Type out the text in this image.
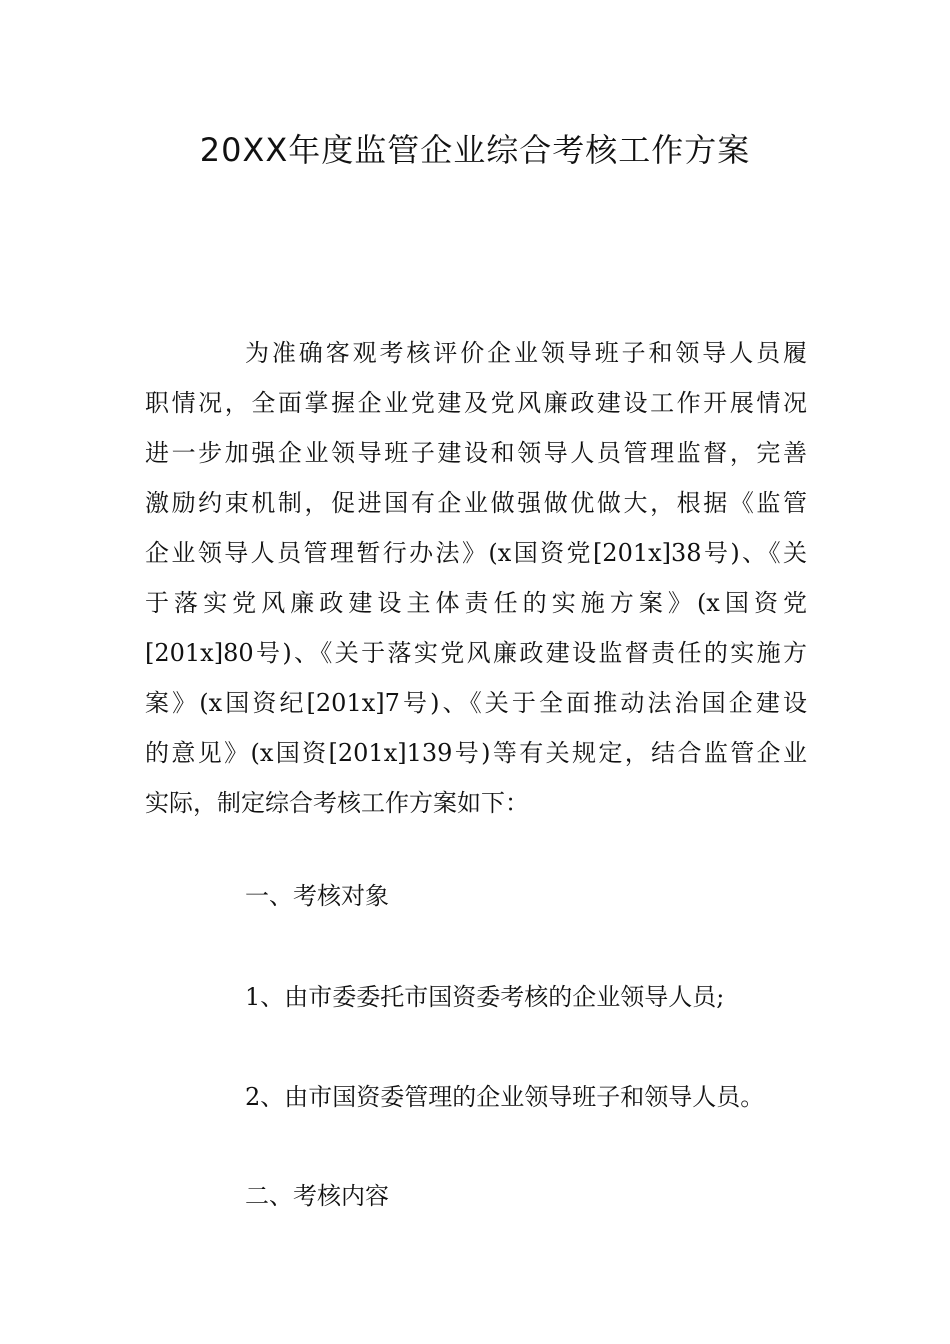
20XX年度监管企业综合考核工作方案
为准确客观考核评价企业领导班子和领导人员履
职情况，全面掌握企业党建及党风廉政建设工作开展情况
进一步加强企业领导班子建设和领导人员管理监督，完善
激励约束机制，促进国有企业做强做优做大，根据《监管
企业领导人员管理暂行办法》(x国资党[201x]38号)、《关
于落实党风廉政建设主体责任的实施方案》(x国资党
[201x]80号)、《关于落实党风廉政建设监督责任的实施方
案》(x国资纪[201x]7号)、《关于全面推动法治国企建设
的意见》(x国资[201x]139号)等有关规定，结合监管企业
实际，制定综合考核工作方案如下：
一、考核对象
1、由市委委托市国资委考核的企业领导人员;
2、由市国资委管理的企业领导班子和领导人员。
二、考核内容
